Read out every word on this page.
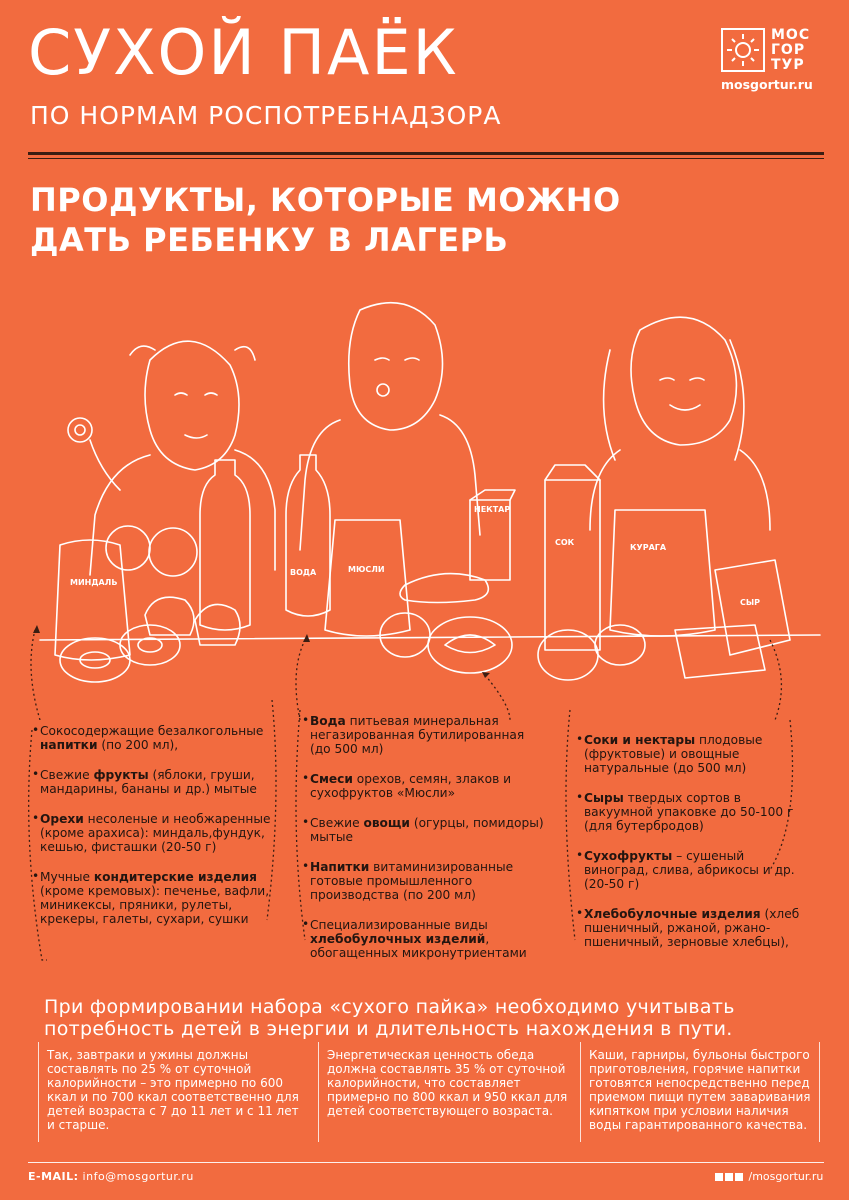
СУХОЙ ПАЁК
ПО НОРМАМ РОСПОТРЕБНАДЗОРА
МОС
ГОР
ТУР
mosgortur.ru
ПРОДУКТЫ, КОТОРЫЕ МОЖНО
ДАТЬ РЕБЕНКУ В ЛАГЕРЬ
МИНДАЛЬ
ВОДА	МЮСЛИ
НЕКТАР
СОК
КУРАГА
СЫР
• Сокосодержащие безалкогольные напитки (по 200 мл),
• Свежие фрукты (яблоки, груши, мандарины, бананы и др.) мытые
• Орехи несоленые и необжаренные (кроме арахиса): миндаль,фундук, кешью, фисташки (20-50 г)
• Мучные кондитерские изделия (кроме кремовых): печенье, вафли, миникексы, пряники, рулеты, крекеры, галеты, сухари, сушки
• Вода питьевая минеральная негазированная бутилированная (до 500 мл)
• Смеси орехов, семян, злаков и сухофруктов «Мюсли»
• Свежие овощи (огурцы, помидоры) мытые
• Напитки витаминизированные готовые промышленного производства (по 200 мл)
• Специализированные виды хлебобулочных изделий, обогащенных микронутриентами
• Соки и нектары плодовые (фруктовые) и овощные натуральные (до 500 мл)
• Сыры твердых сортов в вакуумной упаковке до 50-100 г (для бутербродов)
• Сухофрукты – сушеный виноград, слива, абрикосы и др. (20-50 г)
• Хлебобулочные изделия (хлеб пшеничный, ржаной, ржано-пшеничный, зерновые хлебцы),
При формировании набора «сухого пайка» необходимо учитывать потребность детей в энергии и длительность нахождения в пути.
Так, завтраки и ужины должны составлять по 25 % от суточной калорийности – это примерно по 600 ккал и по 700 ккал соответственно для детей возраста с 7 до 11 лет и с 11 лет и старше.
Энергетическая ценность обеда должна составлять 35 % от суточной калорийности, что составляет примерно по 800 ккал и 950 ккал для детей соответствующего возраста.
Каши, гарниры, бульоны быстрого приготовления, горячие напитки готовятся непосредственно перед приемом пищи путем заваривания кипятком при условии наличия воды гарантированного качества.
E-MAIL: info@mosgortur.ru	/mosgortur.ru
